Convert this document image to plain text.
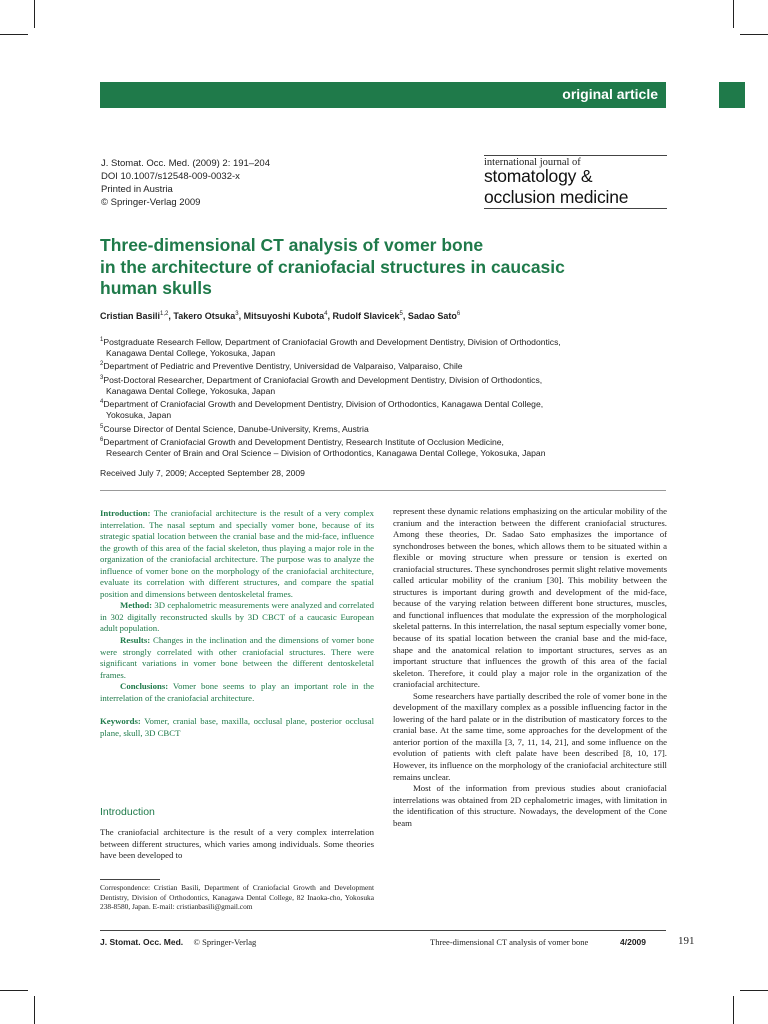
original article
J. Stomat. Occ. Med. (2009) 2: 191–204
DOI 10.1007/s12548-009-0032-x
Printed in Austria
© Springer-Verlag 2009
international journal of
stomatology &
occlusion medicine
Three-dimensional CT analysis of vomer bone
in the architecture of craniofacial structures in caucasic
human skulls
Cristian Basili$^{1,2}$, Takero Otsuka$^3$, Mitsuyoshi Kubota$^4$, Rudolf Slavicek$^5$, Sadao Sato$^6$
$^1$Postgraduate Research Fellow, Department of Craniofacial Growth and Development Dentistry, Division of Orthodontics,
Kanagawa Dental College, Yokosuka, Japan
$^2$Department of Pediatric and Preventive Dentistry, Universidad de Valparaiso, Valparaiso, Chile
$^3$Post-Doctoral Researcher, Department of Craniofacial Growth and Development Dentistry, Division of Orthodontics,
Kanagawa Dental College, Yokosuka, Japan
$^4$Department of Craniofacial Growth and Development Dentistry, Division of Orthodontics, Kanagawa Dental College,
Yokosuka, Japan
$^5$Course Director of Dental Science, Danube-University, Krems, Austria
$^6$Department of Craniofacial Growth and Development Dentistry, Research Institute of Occlusion Medicine,
Research Center of Brain and Oral Science – Division of Orthodontics, Kanagawa Dental College, Yokosuka, Japan
Received July 7, 2009; Accepted September 28, 2009

Introduction: The craniofacial architecture is the result of a very complex interrelation. The nasal septum and specially vomer bone, because of its strategic spatial location between the cranial base and the mid-face, influence the growth of this area of the facial skeleton, thus playing a major role in the organization of the craniofacial architecture. The purpose was to analyze the influence of vomer bone on the morphology of the craniofacial architecture, evaluate its correlation with different structures, and compare the spatial position and dimensions between dentoskeletal frames.

Method: 3D cephalometric measurements were analyzed and correlated in 302 digitally reconstructed skulls by 3D CBCT of a caucasic European adult population.

Results: Changes in the inclination and the dimensions of vomer bone were strongly correlated with other craniofacial structures. There were significant variations in vomer bone between the different dentoskeletal frames.

Conclusions: Vomer bone seems to play an important role in the interrelation of the craniofacial architecture.

Keywords: Vomer, cranial base, maxilla, occlusal plane, posterior occlusal plane, skull, 3D CBCT

Introduction
The craniofacial architecture is the result of a very complex interrelation between different structures, which varies among individuals. Some theories have been developed to
Correspondence: Cristian Basili, Department of Craniofacial Growth and Development Dentistry, Division of Orthodontics, Kanagawa Dental College, 82 Inaoka-cho, Yokosuka 238-8580, Japan. E-mail: cristianbasili@gmail.com

represent these dynamic relations emphasizing on the articular mobility of the cranium and the interaction between the different craniofacial structures. Among these theories, Dr. Sadao Sato emphasizes the importance of synchondroses between the bones, which allows them to be situated within a flexible or moving structure when pressure or tension is exerted on craniofacial structures. These synchondroses permit slight relative movements called articular mobility of the cranium [30]. This mobility between the structures is important during growth and development of the mid-face, because of the varying relation between different bone structures, muscles, and functional influences that modulate the expression of the morphological skeletal patterns. In this interrelation, the nasal septum especially vomer bone, because of its spatial location between the cranial base and the mid-face, shape and the anatomical relation to important structures, serves as an important structure that influences the growth of this area of the facial skeleton. Therefore, it could play a major role in the organization of the craniofacial architecture.

Some researchers have partially described the role of vomer bone in the development of the maxillary complex as a possible influencing factor in the lowering of the hard palate or in the distribution of masticatory forces to the cranial base. At the same time, some approaches for the development of the anterior portion of the maxilla [3, 7, 11, 14, 21], and some influence on the evolution of patients with cleft palate have been described [8, 10, 17]. However, its influence on the morphology of the craniofacial architecture still remains unclear.

Most of the information from previous studies about craniofacial interrelations was obtained from 2D cephalometric images, with limitation in the identification of this structure. Nowadays, the development of the Cone beam

J. Stomat. Occ. Med. © Springer-Verlag	Three-dimensional CT analysis of vomer bone	4/2009	191
